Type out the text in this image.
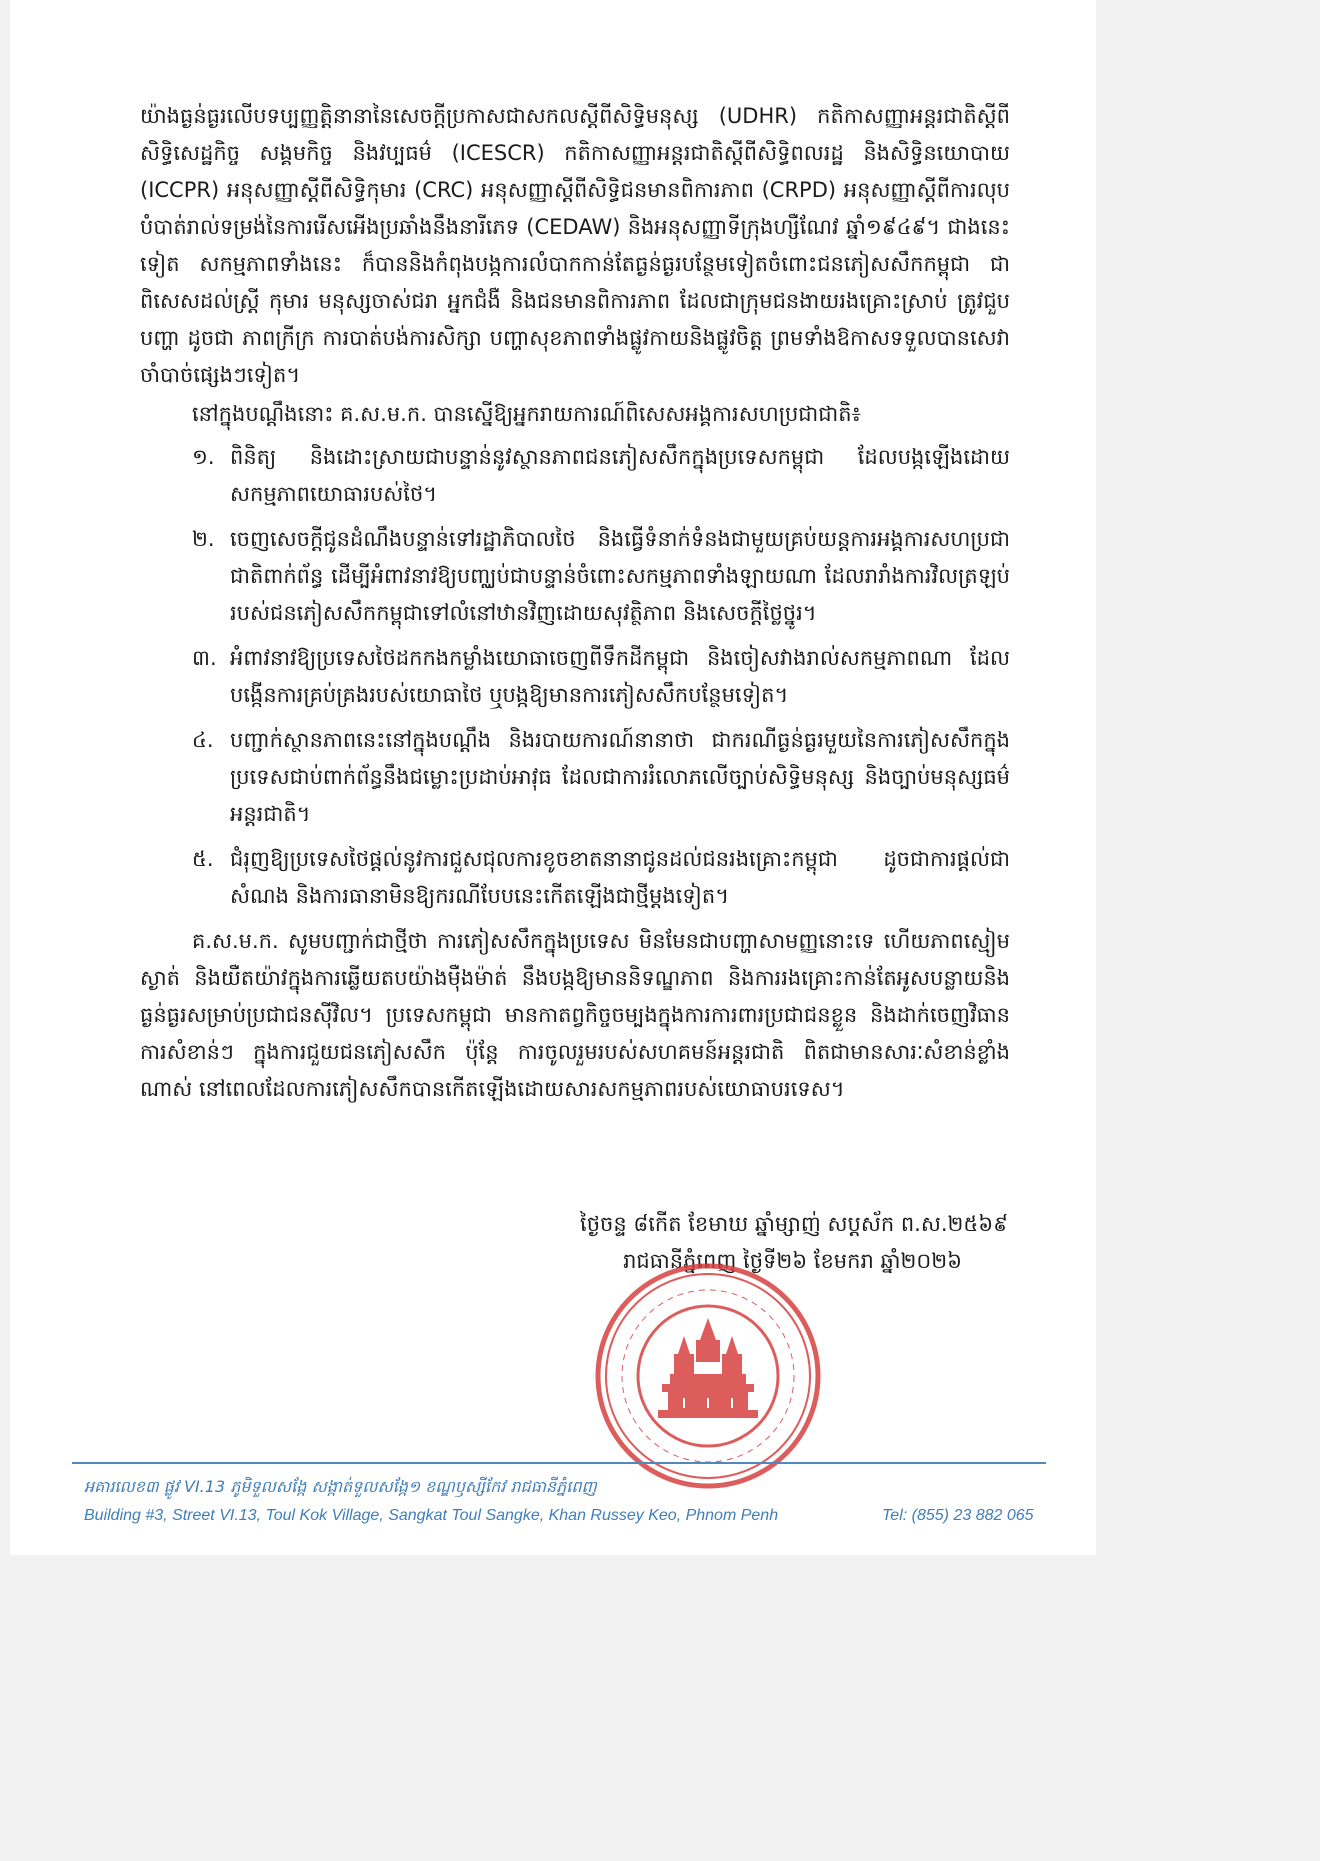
យ៉ាងធ្ងន់ធ្ងរលើបទប្បញ្ញត្តិនានានៃសេចក្តីប្រកាសជាសកលស្តីពីសិទ្ធិមនុស្ស (UDHR) កតិកាសញ្ញាអន្តរជាតិស្តីពីសិទ្ធិសេដ្ឋកិច្ច សង្គមកិច្ច និងវប្បធម៌ (ICESCR) កតិកាសញ្ញាអន្តរជាតិស្តីពីសិទ្ធិពលរដ្ឋ និងសិទ្ធិនយោបាយ (ICCPR) អនុសញ្ញាស្តីពីសិទ្ធិកុមារ (CRC) អនុសញ្ញាស្តីពីសិទ្ធិជនមានពិការភាព (CRPD) អនុសញ្ញាស្តីពីការលុបបំបាត់រាល់ទម្រង់នៃការរើសអើងប្រឆាំងនឹងនារីភេទ (CEDAW) និងអនុសញ្ញាទីក្រុងហ្សឺណែវ ឆ្នាំ១៩៤៩។ ជាងនេះទៀត សកម្មភាពទាំងនេះ ក៏បាននិងកំពុងបង្កការលំបាកកាន់តែធ្ងន់ធ្ងរបន្ថែមទៀតចំពោះជនភៀសសឹកកម្ពុជា ជាពិសេសដល់ស្ត្រី កុមារ មនុស្សចាស់ជរា អ្នកជំងឺ និងជនមានពិការភាព ដែលជាក្រុមជនងាយរងគ្រោះស្រាប់ ត្រូវជួបបញ្ហា ដូចជា ភាពក្រីក្រ ការបាត់បង់ការសិក្សា បញ្ហាសុខភាពទាំងផ្លូវកាយនិងផ្លូវចិត្ត ព្រមទាំងឱកាសទទួលបានសេវាចាំបាច់ផ្សេងៗទៀត។

នៅក្នុងបណ្តឹងនោះ គ.ស.ម.ក. បានស្នើឱ្យអ្នករាយការណ៍ពិសេសអង្គការសហប្រជាជាតិ៖

១. ពិនិត្យ និងដោះស្រាយជាបន្ទាន់នូវស្ថានភាពជនភៀសសឹកក្នុងប្រទេសកម្ពុជា ដែលបង្កឡើងដោយសកម្មភាពយោធារបស់ថៃ។
២. ចេញសេចក្តីជូនដំណឹងបន្ទាន់ទៅរដ្ឋាភិបាលថៃ និងធ្វើទំនាក់ទំនងជាមួយគ្រប់យន្តការអង្គការសហប្រជាជាតិពាក់ព័ន្ធ ដើម្បីអំពាវនាវឱ្យបញ្ឈប់ជាបន្ទាន់ចំពោះសកម្មភាពទាំងឡាយណា ដែលរារាំងការវិលត្រឡប់របស់ជនភៀសសឹកកម្ពុជាទៅលំនៅឋានវិញដោយសុវត្ថិភាព និងសេចក្តីថ្លៃថ្នូរ។
៣. អំពាវនាវឱ្យប្រទេសថៃដកកងកម្លាំងយោធាចេញពីទឹកដីកម្ពុជា និងចៀសវាងរាល់សកម្មភាពណា ដែលបង្កើនការគ្រប់គ្រងរបស់យោធាថៃ ឬបង្កឱ្យមានការភៀសសឹកបន្ថែមទៀត។
៤. បញ្ជាក់ស្ថានភាពនេះនៅក្នុងបណ្តឹង និងរបាយការណ៍នានាថា ជាករណីធ្ងន់ធ្ងរមួយនៃការភៀសសឹកក្នុងប្រទេសជាប់ពាក់ព័ន្ធនឹងជម្លោះប្រដាប់អាវុធ ដែលជាការរំលោភលើច្បាប់សិទ្ធិមនុស្ស និងច្បាប់មនុស្សធម៌អន្តរជាតិ។
៥. ជំរុញឱ្យប្រទេសថៃផ្តល់នូវការជួសជុលការខូចខាតនានាជូនដល់ជនរងគ្រោះកម្ពុជា ដូចជាការផ្តល់ជាសំណង និងការធានាមិនឱ្យករណីបែបនេះកើតឡើងជាថ្មីម្តងទៀត។

គ.ស.ម.ក. សូមបញ្ជាក់ជាថ្មីថា ការភៀសសឹកក្នុងប្រទេស មិនមែនជាបញ្ហាសាមញ្ញនោះទេ ហើយភាពស្មៀមស្ងាត់ និងយឺតយ៉ាវក្នុងការឆ្លើយតបយ៉ាងម៉ឺងម៉ាត់ នឹងបង្កឱ្យមាននិទណ្ឌភាព និងការរងគ្រោះកាន់តែអូសបន្លាយនិងធ្ងន់ធ្ងរសម្រាប់ប្រជាជនស៊ីវិល។ ប្រទេសកម្ពុជា មានកាតព្វកិច្ចចម្បងក្នុងការការពារប្រជាជនខ្លួន និងដាក់ចេញវិធានការសំខាន់ៗ ក្នុងការជួយជនភៀសសឹក ប៉ុន្តែ ការចូលរួមរបស់សហគមន៍អន្តរជាតិ ពិតជាមានសារៈសំខាន់ខ្លាំងណាស់ នៅពេលដែលការភៀសសឹកបានកើតឡើងដោយសារសកម្មភាពរបស់យោធាបរទេស។

ថ្ងៃចន្ទ ៨កើត ខែមាឃ ឆ្នាំម្សាញ់ សប្តស័ក ព.ស.២៥៦៩
រាជធានីភ្នំពេញ ថ្ងៃទី២៦ ខែមករា ឆ្នាំ២០២៦
អគារលេខ៣ ផ្លូវ VI.13 ភូមិទួលសង្កែ សង្កាត់ទួលសង្កែ១ ខណ្ឌឫស្សីកែវ រាជធានីភ្នំពេញ
Building #3, Street VI.13, Toul Kok Village, Sangkat Toul Sangke, Khan Russey Keo, Phnom Penh	Tel: (855) 23 882 065
